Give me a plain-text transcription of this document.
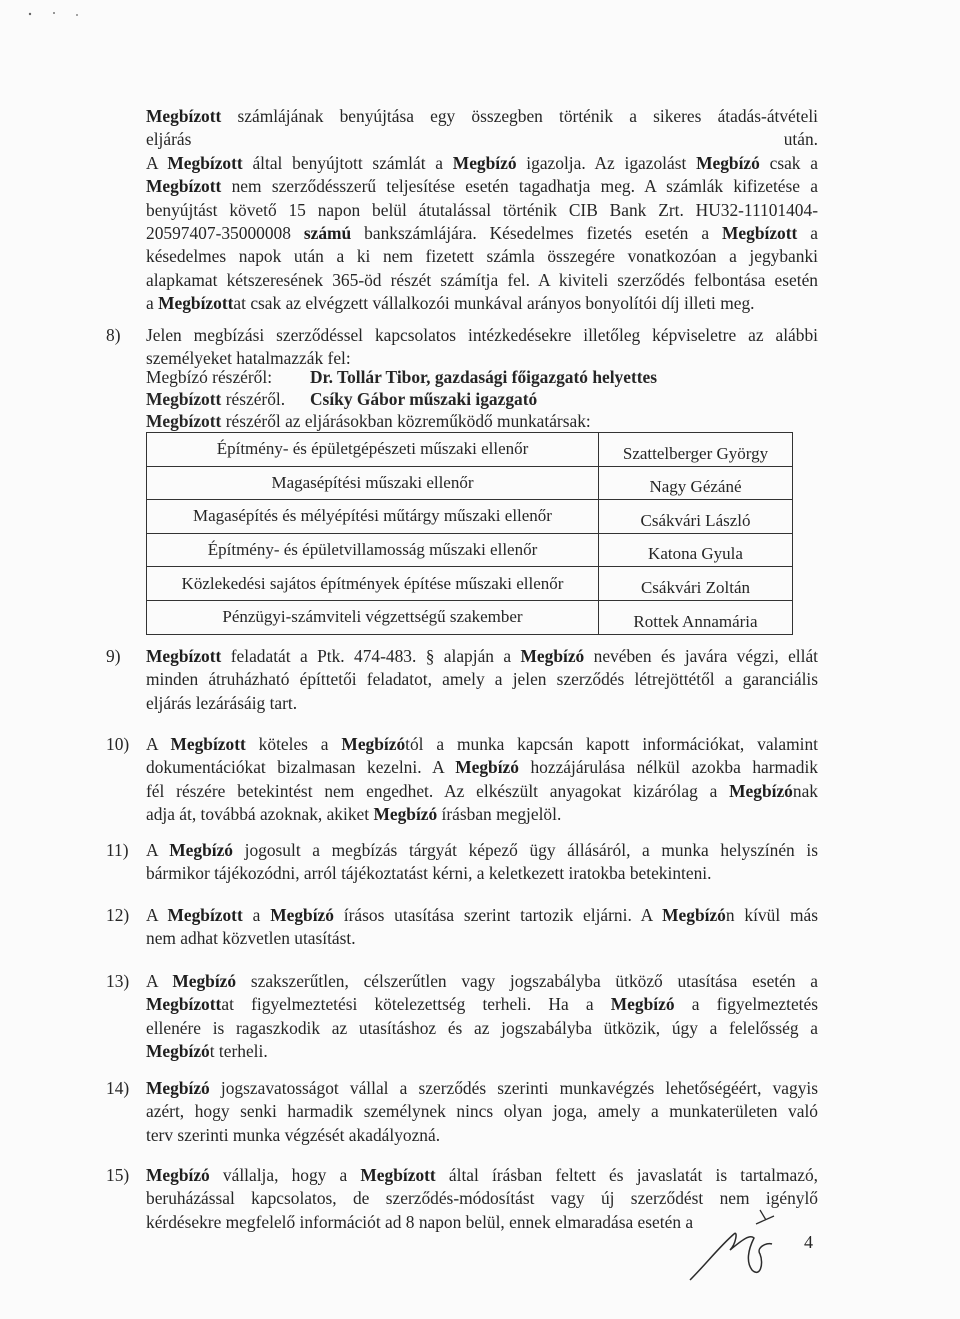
Megbízott számlájának benyújtása egy összegben történik a sikeres átadás-átvételi
eljárás után.
A Megbízott által benyújtott számlát a Megbízó igazolja. Az igazolást Megbízó csak a
Megbízott nem szerződésszerű teljesítése esetén tagadhatja meg. A számlák kifizetése a
benyújtást követő 15 napon belül átutalással történik CIB Bank Zrt. HU32-11101404-
20597407-35000008 számú bankszámlájára. Késedelmes fizetés esetén a Megbízott a
késedelmes napok után a ki nem fizetett számla összegére vonatkozóan a jegybanki
alapkamat kétszeresének 365-öd részét számítja fel. A kiviteli szerződés felbontása esetén
a Megbízottat csak az elvégzett vállalkozói munkával arányos bonyolítói díj illeti meg.
8) Jelen megbízási szerződéssel kapcsolatos intézkedésekre illetőleg képviseletre az alábbi
személyeket hatalmazzák fel:
Megbízó részéről: Dr. Tollár Tibor, gazdasági főigazgató helyettes
Megbízott részéről. Csíky Gábor műszaki igazgató
Megbízott részéről az eljárásokban közreműködő munkatársak:
Építmény- és épületgépészeti műszaki ellenőr	Szattelberger György
Magasépítési műszaki ellenőr	Nagy Gézáné
Magasépítés és mélyépítési műtárgy műszaki ellenőr	Csákvári László
Építmény- és épületvillamosság műszaki ellenőr	Katona Gyula
Közlekedési sajátos építmények építése műszaki ellenőr	Csákvári Zoltán
Pénzügyi-számviteli végzettségű szakember	Rottek Annamária
9) Megbízott feladatát a Ptk. 474-483. § alapján a Megbízó nevében és javára végzi, ellát
minden átruházható építtetői feladatot, amely a jelen szerződés létrejöttétől a garanciális
eljárás lezárásáig tart.
10) A Megbízott köteles a Megbízótól a munka kapcsán kapott információkat, valamint
dokumentációkat bizalmasan kezelni. A Megbízó hozzájárulása nélkül azokba harmadik
fél részére betekintést nem engedhet. Az elkészült anyagokat kizárólag a Megbízónak
adja át, továbbá azoknak, akiket Megbízó írásban megjelöl.
11) A Megbízó jogosult a megbízás tárgyát képező ügy állásáról, a munka helyszínén is
bármikor tájékozódni, arról tájékoztatást kérni, a keletkezett iratokba betekinteni.
12) A Megbízott a Megbízó írásos utasítása szerint tartozik eljárni. A Megbízón kívül más
nem adhat közvetlen utasítást.
13) A Megbízó szakszerűtlen, célszerűtlen vagy jogszabályba ütköző utasítása esetén a
Megbízottat figyelmeztetési kötelezettség terheli. Ha a Megbízó a figyelmeztetés
ellenére is ragaszkodik az utasításhoz és az jogszabályba ütközik, úgy a felelősség a
Megbízót terheli.
14) Megbízó jogszavatosságot vállal a szerződés szerinti munkavégzés lehetőségéért, vagyis
azért, hogy senki harmadik személynek nincs olyan joga, amely a munkaterületen való
terv szerinti munka végzését akadályozná.
15) Megbízó vállalja, hogy a Megbízott által írásban feltett és javaslatát is tartalmazó,
beruházással kapcsolatos, de szerződés-módosítást vagy új szerződést nem igénylő
kérdésekre megfelelő információt ad 8 napon belül, ennek elmaradása esetén a
4
